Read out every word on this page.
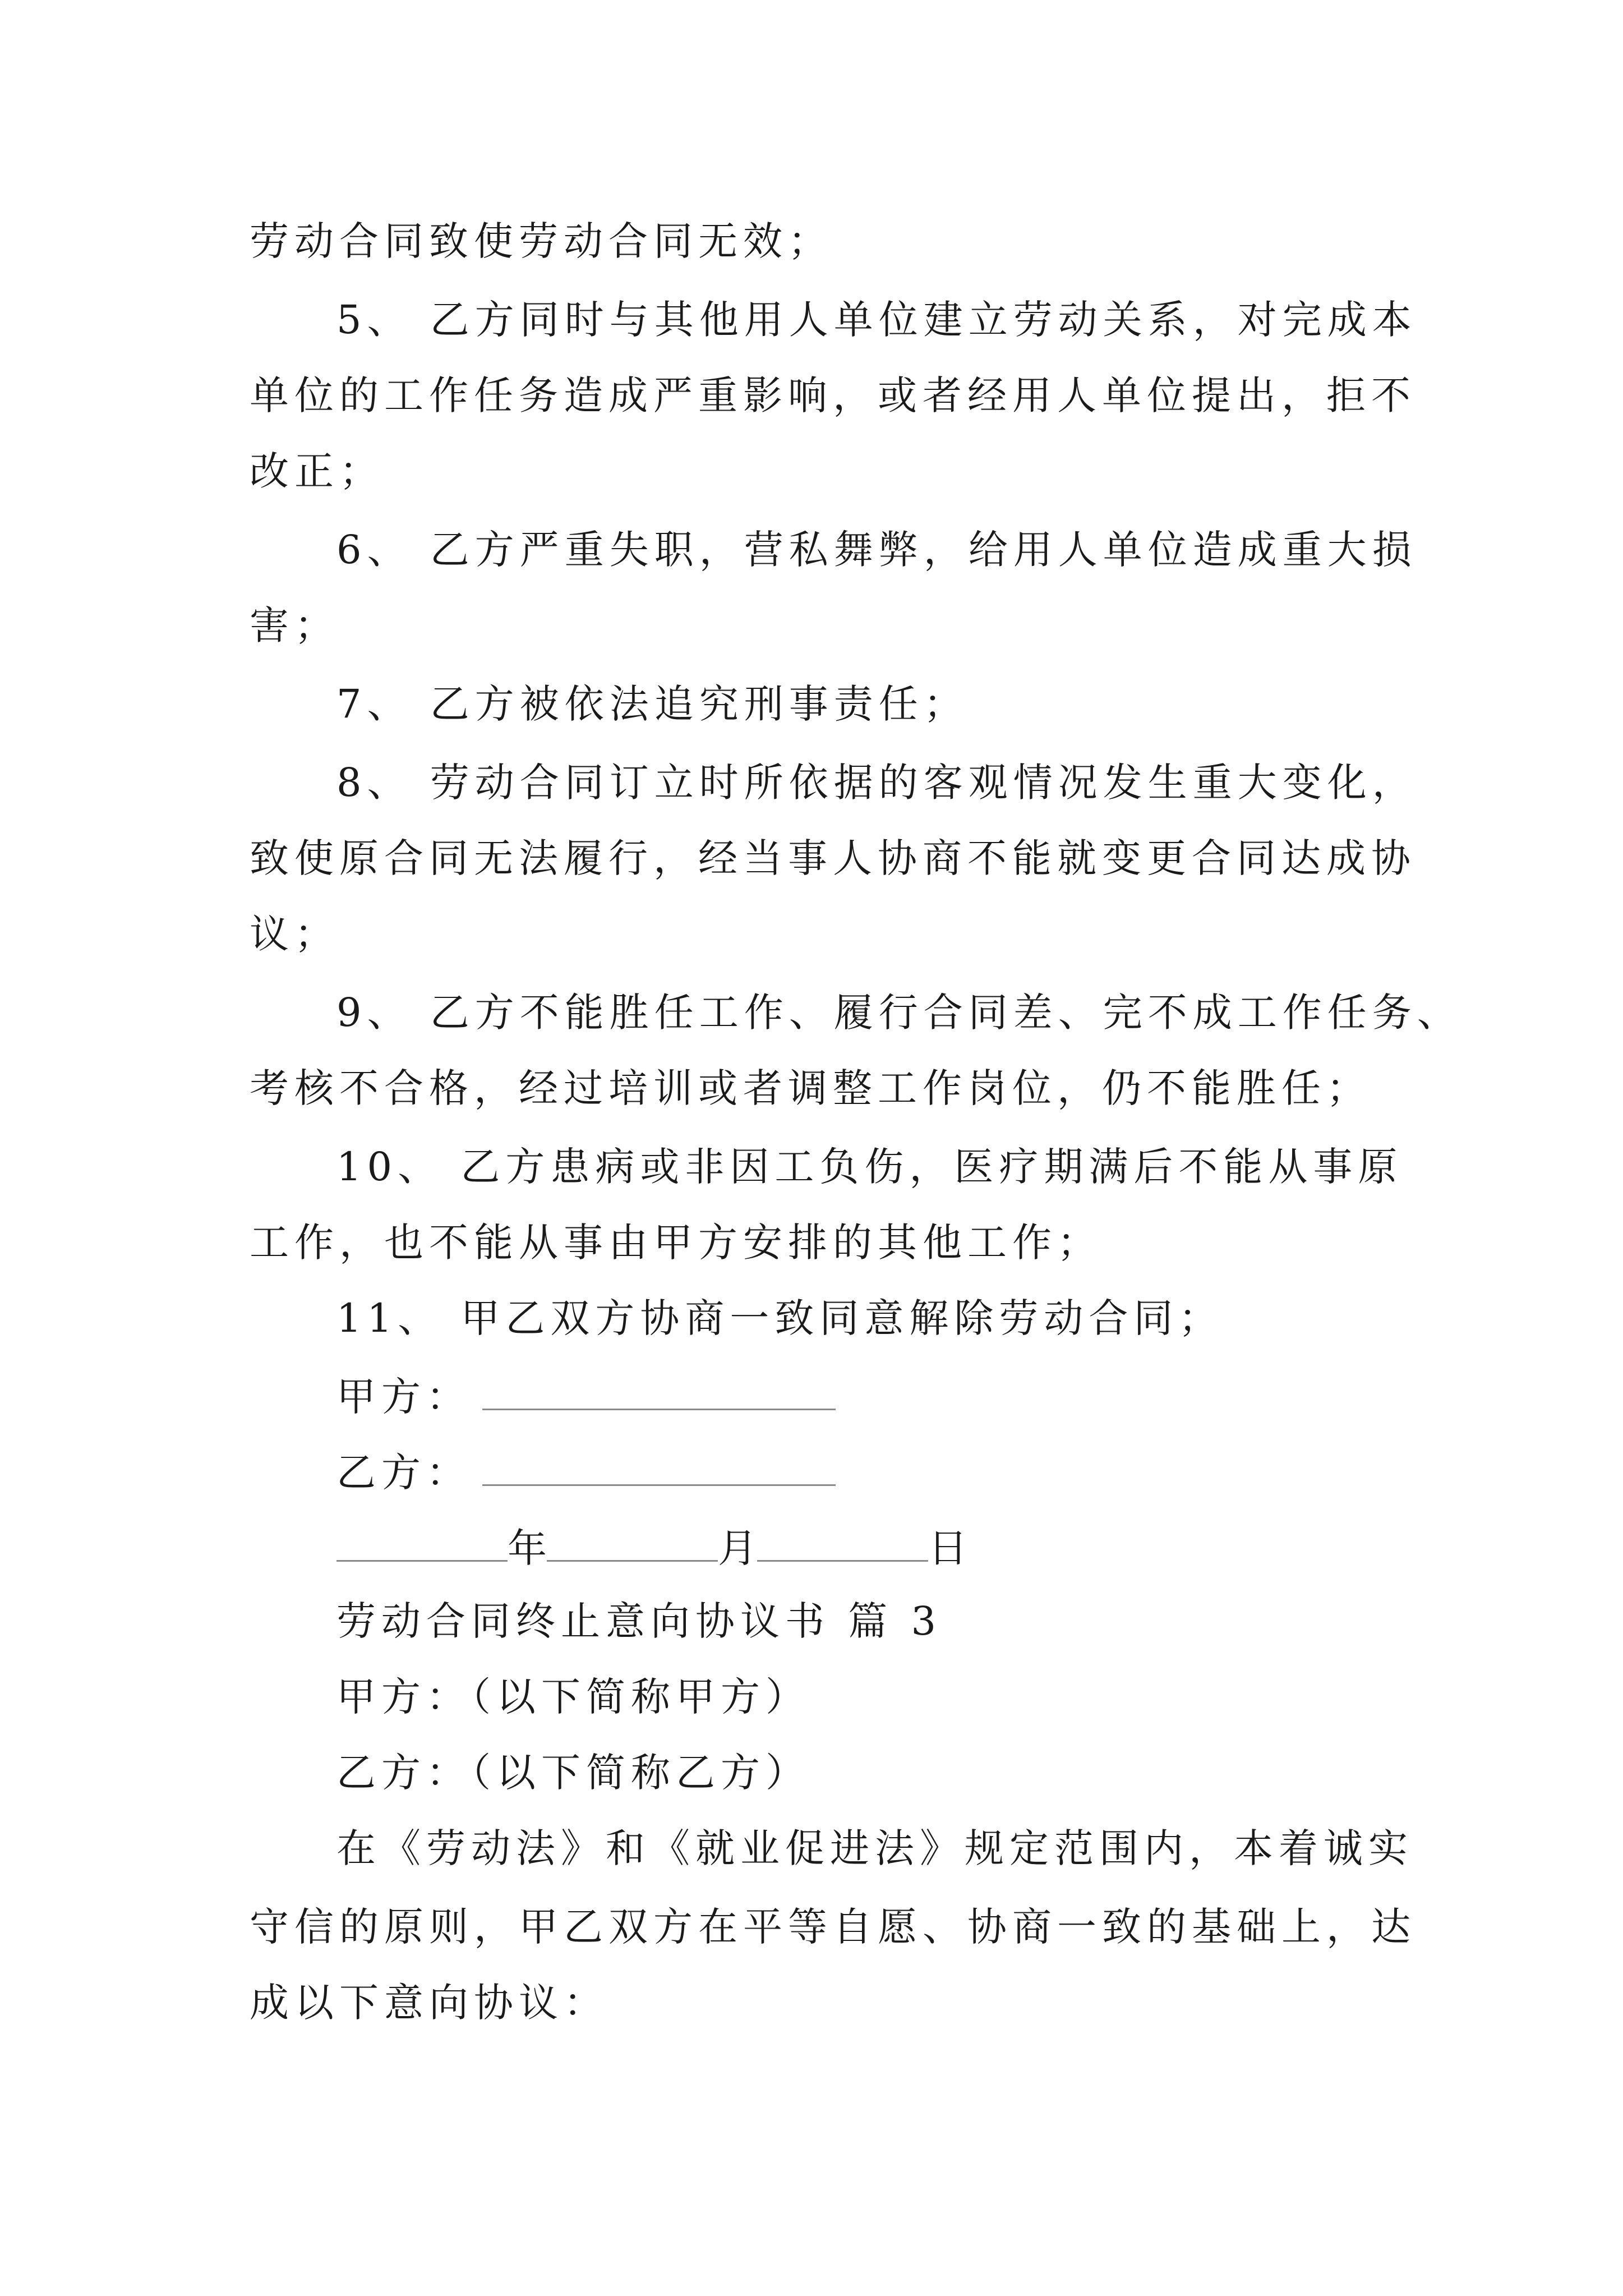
劳动合同致使劳动合同无效；
5、 乙方同时与其他用人单位建立劳动关系，对完成本
单位的工作任务造成严重影响，或者经用人单位提出，拒不
改正；
6、 乙方严重失职，营私舞弊，给用人单位造成重大损
害；
7、 乙方被依法追究刑事责任；
8、 劳动合同订立时所依据的客观情况发生重大变化，
致使原合同无法履行，经当事人协商不能就变更合同达成协
议；
9、 乙方不能胜任工作、履行合同差、完不成工作任务、
考核不合格，经过培训或者调整工作岗位，仍不能胜任；
10、 乙方患病或非因工负伤，医疗期满后不能从事原
工作，也不能从事由甲方安排的其他工作；
11、 甲乙双方协商一致同意解除劳动合同；
甲方：
乙方：
年	月	日
劳动合同终止意向协议书 篇 3
甲方：（以下简称甲方）
乙方：（以下简称乙方）
在《劳动法》和《就业促进法》规定范围内，本着诚实
守信的原则，甲乙双方在平等自愿、协商一致的基础上，达
成以下意向协议：
